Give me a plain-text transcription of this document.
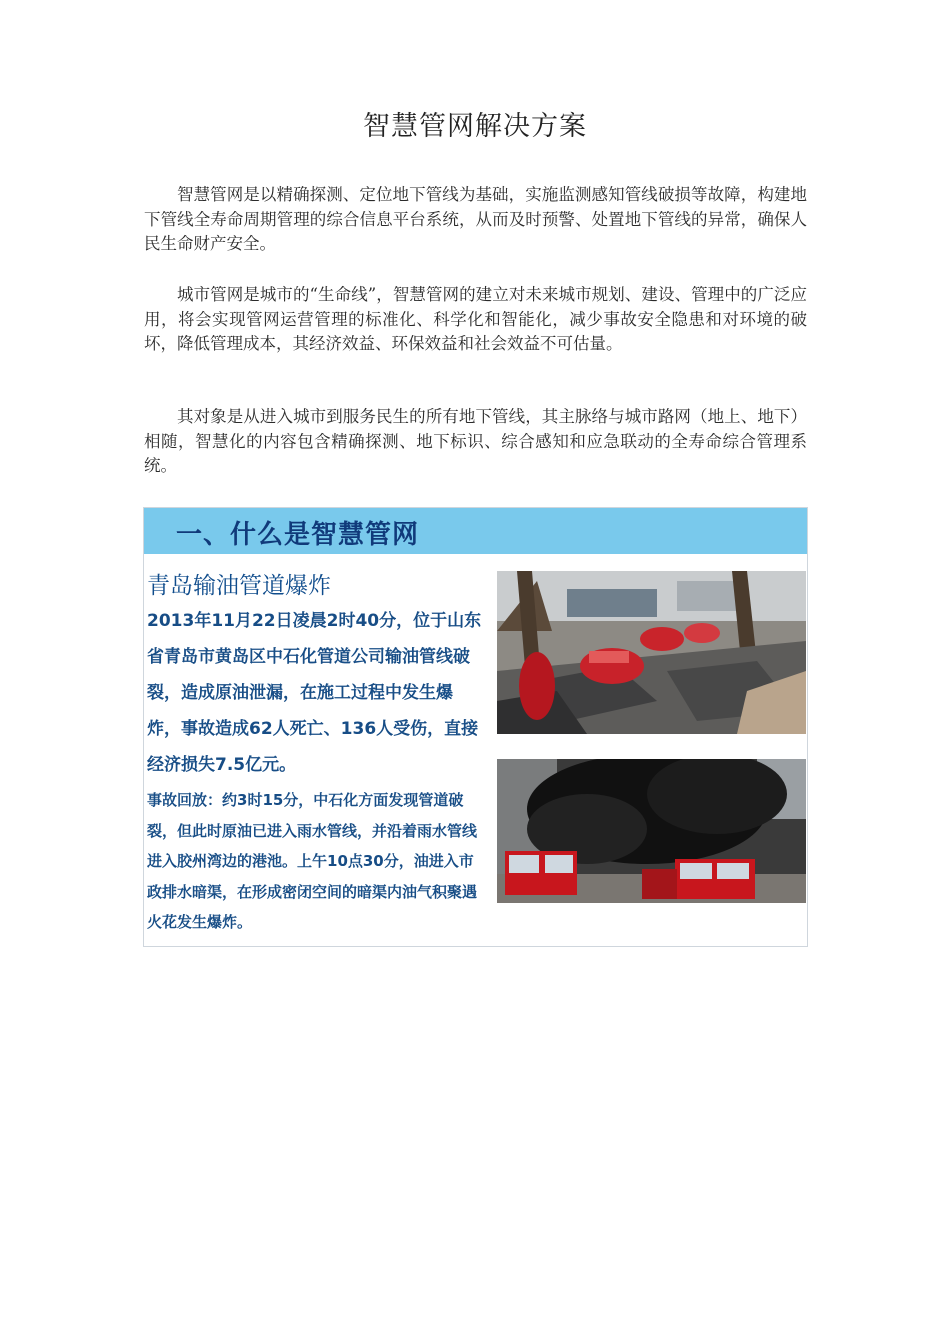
智慧管网解决方案

智慧管网是以精确探测、定位地下管线为基础，实施监测感知管线破损等故障，构建地下管线全寿命周期管理的综合信息平台系统，从而及时预警、处置地下管线的异常，确保人民生命财产安全。

城市管网是城市的“生命线”，智慧管网的建立对未来城市规划、建设、管理中的广泛应用，将会实现管网运营管理的标准化、科学化和智能化，减少事故安全隐患和对环境的破坏，降低管理成本，其经济效益、环保效益和社会效益不可估量。

其对象是从进入城市到服务民生的所有地下管线，其主脉络与城市路网（地上、地下）相随，智慧化的内容包含精确探测、地下标识、综合感知和应急联动的全寿命综合管理系统。

一、什么是智慧管网
青岛输油管道爆炸

2013年11月22日凌晨2时40分，位于山东省青岛市黄岛区中石化管道公司输油管线破裂，造成原油泄漏，在施工过程中发生爆炸，事故造成62人死亡、136人受伤，直接经济损失7.5亿元。

事故回放：约3时15分，中石化方面发现管道破裂，但此时原油已进入雨水管线，并沿着雨水管线进入胶州湾边的港池。上午10点30分，油进入市政排水暗渠，在形成密闭空间的暗渠内油气积聚遇火花发生爆炸。
